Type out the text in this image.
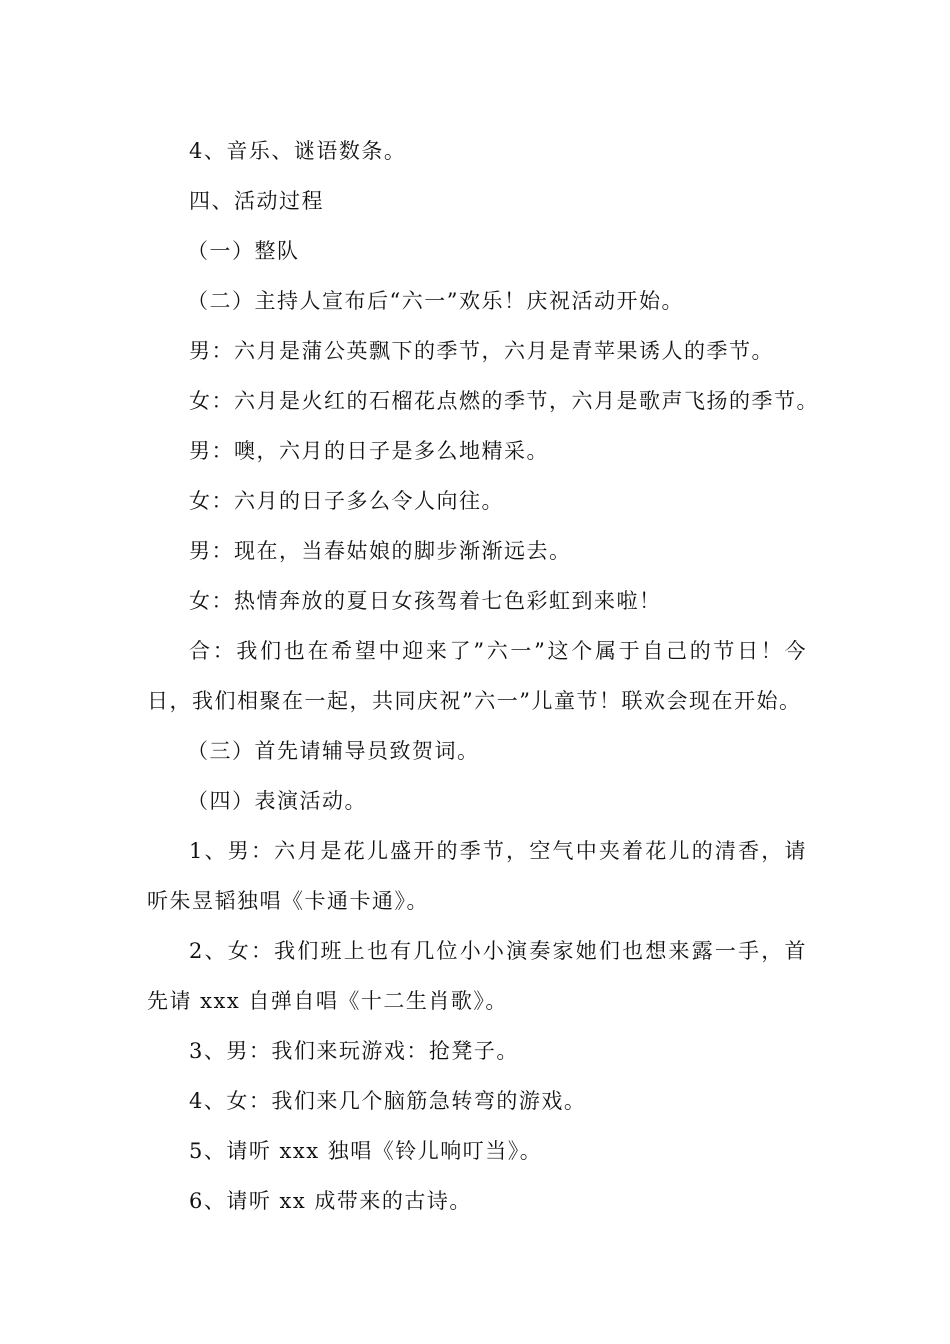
4、音乐、谜语数条。

四、活动过程

（一）整队

（二）主持人宣布后“六一”欢乐！庆祝活动开始。

男：六月是蒲公英飘下的季节，六月是青苹果诱人的季节。

女：六月是火红的石榴花点燃的季节，六月是歌声飞扬的季节。

男：噢，六月的日子是多么地精采。

女：六月的日子多么令人向往。

男：现在，当春姑娘的脚步渐渐远去。

女：热情奔放的夏日女孩驾着七色彩虹到来啦！

合：我们也在希望中迎来了”六一”这个属于自己的节日！今日，我们相聚在一起，共同庆祝”六一”儿童节！联欢会现在开始。

（三）首先请辅导员致贺词。

（四）表演活动。

1、男：六月是花儿盛开的季节，空气中夹着花儿的清香，请听朱昱韬独唱《卡通卡通》。

2、女：我们班上也有几位小小演奏家她们也想来露一手，首先请 xxx 自弹自唱《十二生肖歌》。

3、男：我们来玩游戏：抢凳子。

4、女：我们来几个脑筋急转弯的游戏。

5、请听 xxx 独唱《铃儿响叮当》。

6、请听 xx 成带来的古诗。
